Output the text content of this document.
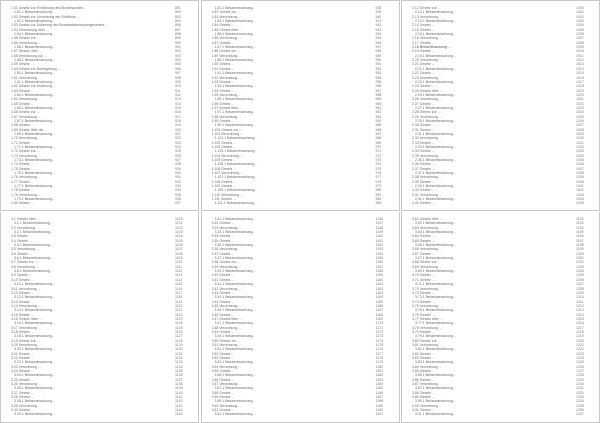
1.51 Gesetz zur Einführung des Bundespolizei...	891
1.51.1 Bekanntmachung...	892
1.52 Gesetz zur Umsetzung der Richtlinie...	893
1.52.1 Bekanntmachung...	894
1.53 Gesetz zur Änderung des Bundesdatenschutzgesetzes...	896
1.54 Verordnung über ...	897
1.54.1 Bekanntmachung...	898
1.55 Gesetz zur ...	899
1.56 Verordnung ...	900
1.56.1 Bekanntmachung...	901
1.57 Gesetz über ...	902
1.58 Verordnung zur ...	903
1.58.1 Bekanntmachung...	904
1.59 Gesetz ...	905
1.60 Gesetz zur Neuregelung ...	906
1.60.1 Bekanntmachung...	907
1.61 Verordnung ...	908
1.61.1 Bekanntmachung...	909
1.62 Gesetz zur Änderung ...	910
1.63 Gesetz ...	911
1.63.1 Bekanntmachung...	912
1.64 Verordnung ...	913
1.65 Gesetz ...	914
1.65.1 Bekanntmachung...	915
1.66 Gesetz zur ...	916
1.67 Verordnung ...	917
1.67.1 Bekanntmachung...	918
1.68 Gesetz ...	919
1.69 Gesetz über die ...	920
1.69.1 Bekanntmachung...	921
1.70 Verordnung ...	922
1.71 Gesetz ...	923
1.71.1 Bekanntmachung...	924
1.72 Gesetz zur ...	925
1.73 Verordnung ...	926
1.73.1 Bekanntmachung...	927
1.74 Gesetz ...	928
1.75 Gesetz ...	929
1.75.1 Bekanntmachung...	930
1.76 Verordnung ...	931
1.77 Gesetz ...	932
1.77.1 Bekanntmachung...	933
1.78 Gesetz ...	934
1.79 Verordnung ...	935
1.79.1 Bekanntmachung...	936
1.80 Gesetz ...	937
1.81.1 Bekanntmachung...	938
1.82 Gesetz zur ...	939
1.83 Verordnung ...	940
1.83.1 Bekanntmachung...	941
1.84 Gesetz ...	942
1.85 Gesetz über ...	943
1.85.1 Bekanntmachung...	944
1.86 Verordnung ...	945
1.87 Gesetz ...	946
1.87.1 Bekanntmachung...	947
1.88 Gesetz zur ...	948
1.89 Verordnung ...	949
1.89.1 Bekanntmachung...	950
1.90 Gesetz ...	951
1.91 Gesetz ...	952
1.91.1 Bekanntmachung...	953
1.92 Verordnung ...	954
1.93 Gesetz ...	955
1.93.1 Bekanntmachung...	956
1.94 Gesetz ...	957
1.95 Verordnung ...	958
1.95.1 Bekanntmachung...	959
1.96 Gesetz ...	960
1.97 Gesetz über ...	961
1.97.1 Bekanntmachung...	962
1.98 Verordnung ...	963
1.99 Gesetz ...	964
1.99.1 Bekanntmachung...	965
1.100 Gesetz zur ...	966
1.101 Verordnung ...	967
1.101.1 Bekanntmachung...	968
1.102 Gesetz ...	969
1.103 Gesetz ...	970
1.103.1 Bekanntmachung...	971
1.104 Verordnung ...	972
1.105 Gesetz ...	973
1.105.1 Bekanntmachung...	974
1.106 Gesetz ...	975
1.107 Verordnung ...	976
1.107.1 Bekanntmachung...	977
1.108 Gesetz ...	978
1.109 Gesetz ...	979
1.109.1 Bekanntmachung...	980
1.110 Verordnung ...	981
1.111 Gesetz ...	982
1.111.1 Bekanntmachung...	983
2.12 Gesetz zur ...	1000
2.12.1 Bekanntmachung...	1001
2.13 Verordnung ...	1002
2.13.1 Bekanntmachung...	1003
2.14 Gesetz ...	1004
2.15 Gesetz ...	1005
2.15.1 Bekanntmachung...	1006
2.16 Verordnung ...	1007
2.17 Gesetz ...	1008
2.18 Bekanntmachung ...	1009
2.19 Gesetz ...	1010
2.19.1 Bekanntmachung...	1011
2.20 Verordnung ...	1012
2.21 Gesetz ...	1013
2.21.1 Bekanntmachung...	1014
2.22 Gesetz ...	1015
2.23 Verordnung ...	1016
2.23.1 Bekanntmachung...	1017
2.24 Gesetz ...	1018
2.25 Gesetz über ...	1019
2.25.1 Bekanntmachung...	1020
2.26 Verordnung ...	1021
2.27 Gesetz ...	1022
2.27.1 Bekanntmachung...	1023
2.28 Gesetz zur ...	1024
2.29 Verordnung ...	1025
2.29.1 Bekanntmachung...	1026
2.30 Gesetz ...	1027
2.31 Gesetz ...	1028
2.31.1 Bekanntmachung...	1029
2.32 Verordnung ...	1030
2.33 Gesetz ...	1031
2.33.1 Bekanntmachung...	1032
2.34 Gesetz ...	1033
2.35 Verordnung ...	1034
2.35.1 Bekanntmachung...	1035
2.36 Gesetz ...	1036
2.37 Gesetz ...	1037
2.37.1 Bekanntmachung...	1038
2.38 Verordnung ...	1039
2.39 Gesetz ...	1040
2.39.1 Bekanntmachung...	1041
2.40 Gesetz ...	1042
2.41 Verordnung ...	1043
2.41.1 Bekanntmachung...	1044
2.42 Gesetz ...	1045
3.1 Gesetz über ...	1100
3.1.1 Bekanntmachung...	1101
3.2 Verordnung ...	1102
3.2.1 Bekanntmachung...	1103
3.3 Gesetz ...	1104
3.4 Gesetz ...	1105
3.4.1 Bekanntmachung...	1106
3.5 Verordnung ...	1107
3.6 Gesetz ...	1108
3.6.1 Bekanntmachung...	1109
3.7 Gesetz zur ...	1110
3.8 Verordnung ...	1111
3.8.1 Bekanntmachung...	1112
3.9 Gesetz ...	1113
3.10 Gesetz ...	1114
3.10.1 Bekanntmachung...	1115
3.11 Verordnung ...	1116
3.12 Gesetz ...	1117
3.12.1 Bekanntmachung...	1118
3.13 Gesetz ...	1119
3.14 Verordnung ...	1120
3.14.1 Bekanntmachung...	1121
3.15 Gesetz ...	1122
3.16 Gesetz über ...	1123
3.16.1 Bekanntmachung...	1124
3.17 Verordnung ...	1125
3.18 Gesetz ...	1126
3.18.1 Bekanntmachung...	1127
3.19 Gesetz zur ...	1128
3.20 Verordnung ...	1129
3.20.1 Bekanntmachung...	1130
3.21 Gesetz ...	1131
3.22 Gesetz ...	1132
3.22.1 Bekanntmachung...	1133
3.23 Verordnung ...	1134
3.24 Gesetz ...	1135
3.24.1 Bekanntmachung...	1136
3.25 Gesetz ...	1137
3.26 Verordnung ...	1138
3.26.1 Bekanntmachung...	1139
3.27 Gesetz ...	1140
3.28 Gesetz ...	1141
3.28.1 Bekanntmachung...	1142
3.29 Verordnung ...	1143
3.30 Gesetz ...	1144
3.30.1 Bekanntmachung...	1145
3.31.1 Bekanntmachung...	1146
3.32 Gesetz ...	1147
3.33 Verordnung ...	1148
3.33.1 Bekanntmachung...	1149
3.34 Gesetz ...	1150
3.35 Gesetz ...	1151
3.35.1 Bekanntmachung...	1152
3.36 Verordnung ...	1153
3.37 Gesetz ...	1154
3.37.1 Bekanntmachung...	1155
3.38 Gesetz zur ...	1156
3.39 Verordnung ...	1157
3.39.1 Bekanntmachung...	1158
3.40 Gesetz ...	1159
3.41 Gesetz ...	1160
3.41.1 Bekanntmachung...	1161
3.42 Verordnung ...	1162
3.43 Gesetz ...	1163
3.43.1 Bekanntmachung...	1164
3.44 Gesetz ...	1165
3.45 Verordnung ...	1166
3.45.1 Bekanntmachung...	1167
3.46 Gesetz ...	1168
3.47 Gesetz über ...	1169
3.47.1 Bekanntmachung...	1170
3.48 Verordnung ...	1171
3.49 Gesetz ...	1172
3.49.1 Bekanntmachung...	1173
3.50 Gesetz zur ...	1174
3.51 Verordnung ...	1175
3.51.1 Bekanntmachung...	1176
3.52 Gesetz ...	1177
3.53 Gesetz ...	1178
3.53.1 Bekanntmachung...	1179
3.54 Verordnung ...	1180
3.55 Gesetz ...	1181
3.55.1 Bekanntmachung...	1182
3.56 Gesetz ...	1183
3.57 Verordnung ...	1184
3.57.1 Bekanntmachung...	1185
3.58 Gesetz ...	1186
3.59 Gesetz ...	1187
3.59.1 Bekanntmachung...	1188
3.60 Verordnung ...	1189
3.61 Gesetz ...	1190
3.61.1 Bekanntmachung...	1191
3.62 Gesetz über ...	1192
3.62.1 Bekanntmachung...	1193
3.63 Verordnung ...	1194
3.63.1 Bekanntmachung...	1195
3.64 Gesetz ...	1196
3.65 Gesetz ...	1197
3.65.1 Bekanntmachung...	1198
3.66 Verordnung ...	1199
3.67 Gesetz ...	1200
3.67.1 Bekanntmachung...	1201
3.68 Gesetz zur ...	1202
3.69 Verordnung ...	1203
3.69.1 Bekanntmachung...	1204
3.70 Gesetz ...	1205
3.71 Gesetz ...	1206
3.71.1 Bekanntmachung...	1207
3.72 Verordnung ...	1208
3.73 Gesetz ...	1209
3.73.1 Bekanntmachung...	1210
3.74 Gesetz ...	1211
3.75 Verordnung ...	1212
3.75.1 Bekanntmachung...	1213
3.76 Gesetz ...	1214
3.77 Gesetz über ...	1215
3.77.1 Bekanntmachung...	1216
3.78 Verordnung ...	1217
3.79 Gesetz ...	1218
3.79.1 Bekanntmachung...	1219
3.80 Gesetz zur ...	1220
3.81 Verordnung ...	1221
3.81.1 Bekanntmachung...	1222
3.82 Gesetz ...	1223
3.83 Gesetz ...	1224
3.83.1 Bekanntmachung...	1225
3.84 Verordnung ...	1226
3.85 Gesetz ...	1227
3.85.1 Bekanntmachung...	1228
3.86 Gesetz ...	1229
3.87 Verordnung ...	1230
3.87.1 Bekanntmachung...	1231
3.88 Gesetz ...	1232
3.89 Gesetz ...	1233
3.89.1 Bekanntmachung...	1234
3.90 Verordnung ...	1235
3.91 Gesetz ...	1236
3.91.1 Bekanntmachung...	1237
